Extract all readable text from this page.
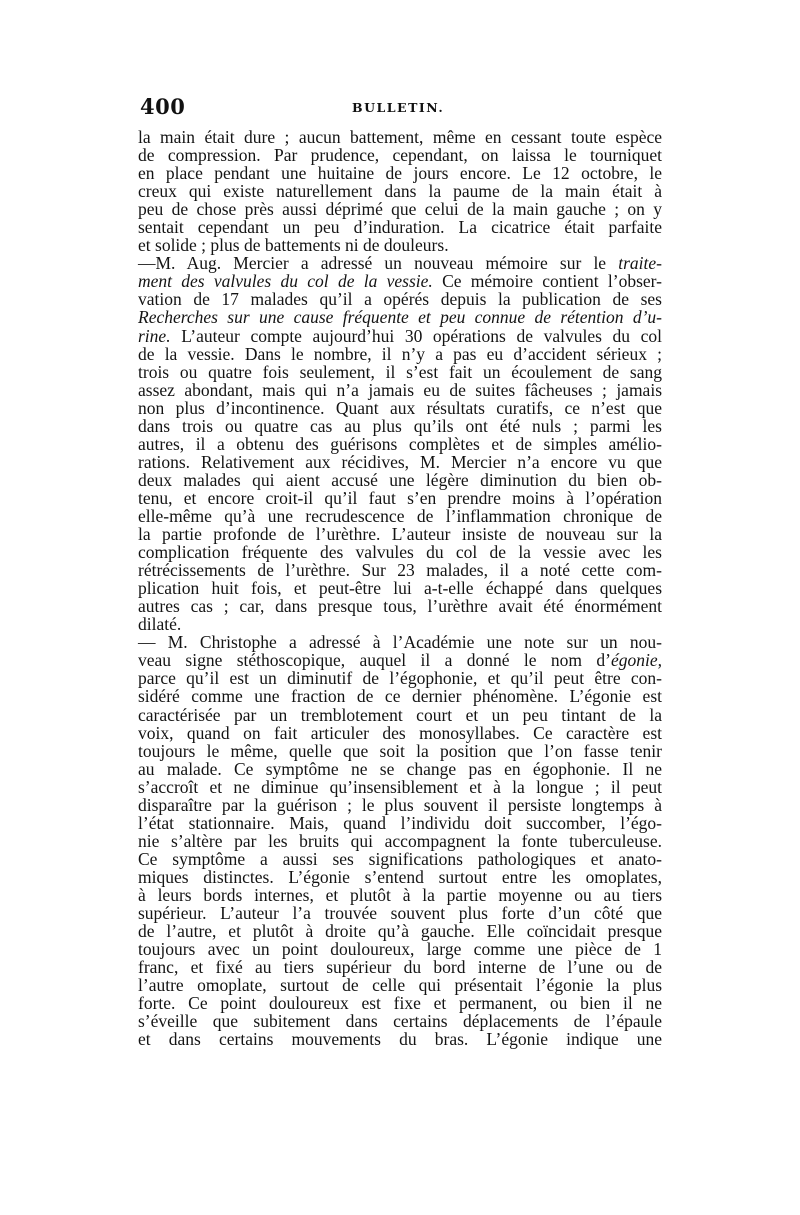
400	BULLETIN.
la main était dure ; aucun battement, même en cessant toute espèce
de compression. Par prudence, cependant, on laissa le tourniquet
en place pendant une huitaine de jours encore. Le 12 octobre, le
creux qui existe naturellement dans la paume de la main était à
peu de chose près aussi déprimé que celui de la main gauche ; on y
sentait cependant un peu d’induration. La cicatrice était parfaite
et solide ; plus de battements ni de douleurs.
—M. Aug. Mercier a adressé un nouveau mémoire sur le traite-
ment des valvules du col de la vessie. Ce mémoire contient l’obser-
vation de 17 malades qu’il a opérés depuis la publication de ses
Recherches sur une cause fréquente et peu connue de rétention d’u-
rine. L’auteur compte aujourd’hui 30 opérations de valvules du col
de la vessie. Dans le nombre, il n’y a pas eu d’accident sérieux ;
trois ou quatre fois seulement, il s’est fait un écoulement de sang
assez abondant, mais qui n’a jamais eu de suites fâcheuses ; jamais
non plus d’incontinence. Quant aux résultats curatifs, ce n’est que
dans trois ou quatre cas au plus qu’ils ont été nuls ; parmi les
autres, il a obtenu des guérisons complètes et de simples amélio-
rations. Relativement aux récidives, M. Mercier n’a encore vu que
deux malades qui aient accusé une légère diminution du bien ob-
tenu, et encore croit-il qu’il faut s’en prendre moins à l’opération
elle-même qu’à une recrudescence de l’inflammation chronique de
la partie profonde de l’urèthre. L’auteur insiste de nouveau sur la
complication fréquente des valvules du col de la vessie avec les
rétrécissements de l’urèthre. Sur 23 malades, il a noté cette com-
plication huit fois, et peut-être lui a-t-elle échappé dans quelques
autres cas ; car, dans presque tous, l’urèthre avait été énormément
dilaté.
— M. Christophe a adressé à l’Académie une note sur un nou-
veau signe stéthoscopique, auquel il a donné le nom d’égonie,
parce qu’il est un diminutif de l’égophonie, et qu’il peut être con-
sidéré comme une fraction de ce dernier phénomène. L’égonie est
caractérisée par un tremblotement court et un peu tintant de la
voix, quand on fait articuler des monosyllabes. Ce caractère est
toujours le même, quelle que soit la position que l’on fasse tenir
au malade. Ce symptôme ne se change pas en égophonie. Il ne
s’accroît et ne diminue qu’insensiblement et à la longue ; il peut
disparaître par la guérison ; le plus souvent il persiste longtemps à
l’état stationnaire. Mais, quand l’individu doit succomber, l’égo-
nie s’altère par les bruits qui accompagnent la fonte tuberculeuse.
Ce symptôme a aussi ses significations pathologiques et anato-
miques distinctes. L’égonie s’entend surtout entre les omoplates,
à leurs bords internes, et plutôt à la partie moyenne ou au tiers
supérieur. L’auteur l’a trouvée souvent plus forte d’un côté que
de l’autre, et plutôt à droite qu’à gauche. Elle coïncidait presque
toujours avec un point douloureux, large comme une pièce de 1
franc, et fixé au tiers supérieur du bord interne de l’une ou de
l’autre omoplate, surtout de celle qui présentait l’égonie la plus
forte. Ce point douloureux est fixe et permanent, ou bien il ne
s’éveille que subitement dans certains déplacements de l’épaule
et dans certains mouvements du bras. L’égonie indique une
